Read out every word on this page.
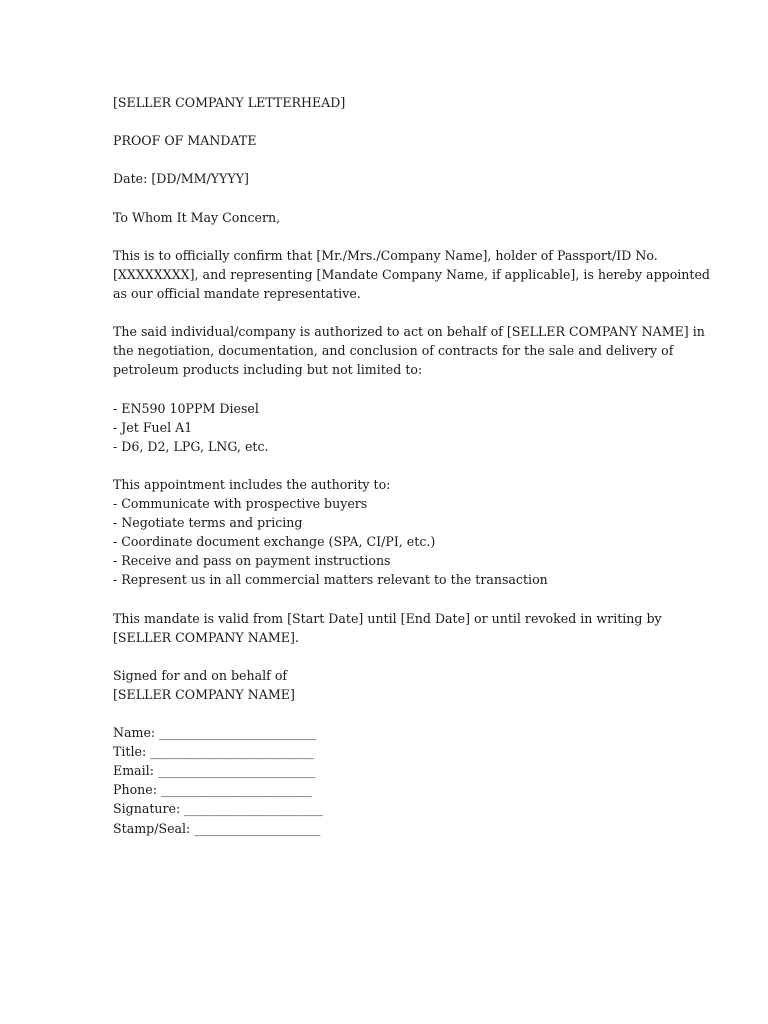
[SELLER COMPANY LETTERHEAD]
PROOF OF MANDATE
Date: [DD/MM/YYYY]
To Whom It May Concern,
This is to officially confirm that [Mr./Mrs./Company Name], holder of Passport/ID No.
[XXXXXXXX], and representing [Mandate Company Name, if applicable], is hereby appointed
as our official mandate representative.
The said individual/company is authorized to act on behalf of [SELLER COMPANY NAME] in
the negotiation, documentation, and conclusion of contracts for the sale and delivery of
petroleum products including but not limited to:
- EN590 10PPM Diesel
- Jet Fuel A1
- D6, D2, LPG, LNG, etc.
This appointment includes the authority to:
- Communicate with prospective buyers
- Negotiate terms and pricing
- Coordinate document exchange (SPA, CI/PI, etc.)
- Receive and pass on payment instructions
- Represent us in all commercial matters relevant to the transaction
This mandate is valid from [Start Date] until [End Date] or until revoked in writing by
[SELLER COMPANY NAME].
Signed for and on behalf of
[SELLER COMPANY NAME]
Name: _________________________
Title: __________________________
Email: _________________________
Phone: ________________________
Signature: ______________________
Stamp/Seal: ____________________
